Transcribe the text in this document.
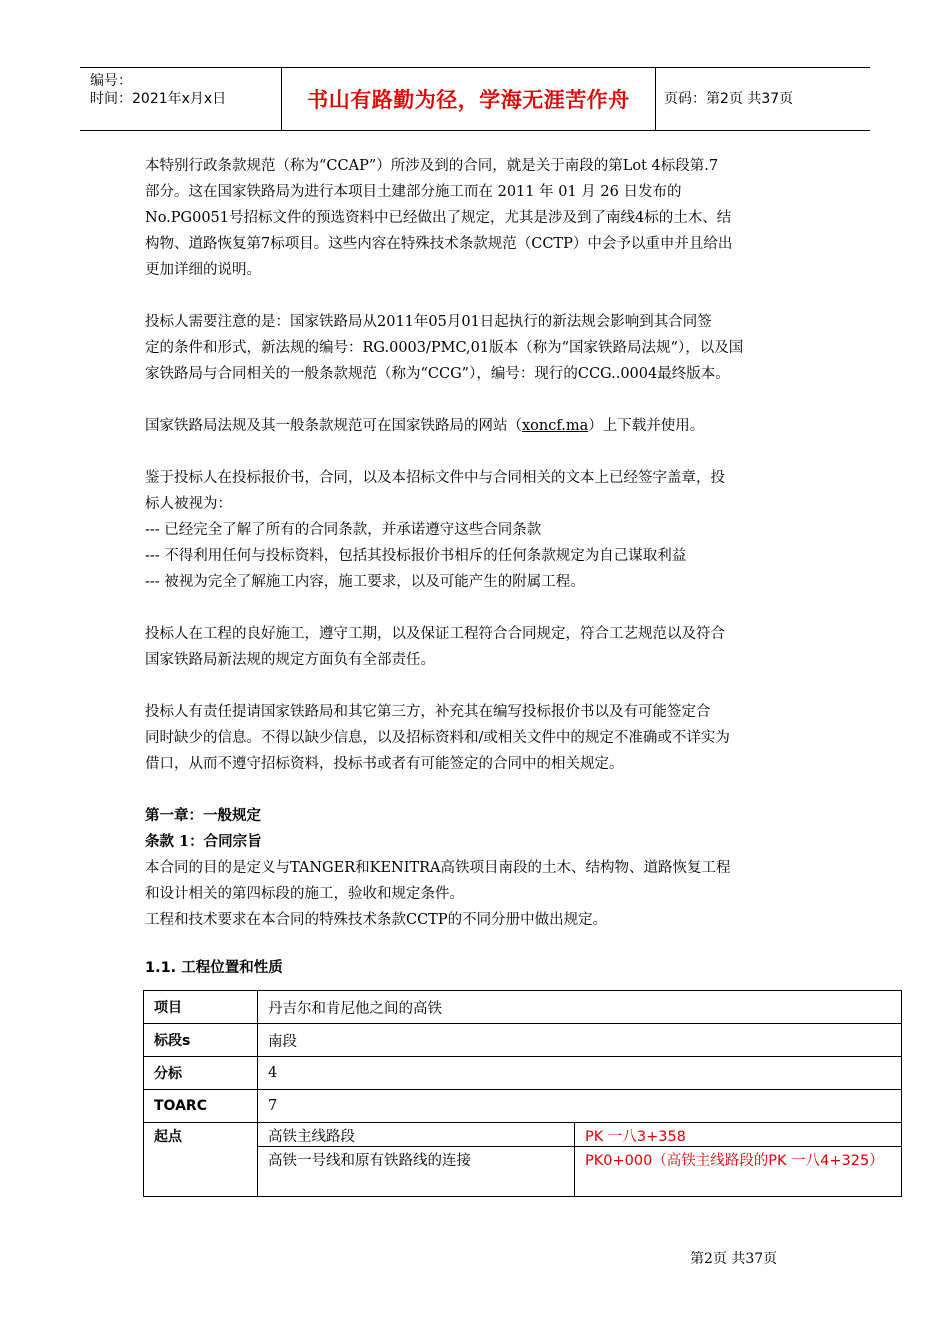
编号：
时间：2021年x月x日	书山有路勤为径，学海无涯苦作舟	页码：第2页 共37页

本特别行政条款规范（称为“CCAP”）所涉及到的合同，就是关于南段的第Lot 4标段第.7
部分。这在国家铁路局为进行本项目土建部分施工而在 2011 年 01 月 26 日发布的
No.PG0051号招标文件的预选资料中已经做出了规定，尤其是涉及到了南线4标的土木、结
构物、道路恢复第7标项目。这些内容在特殊技术条款规范（CCTP）中会予以重申并且给出
更加详细的说明。

投标人需要注意的是：国家铁路局从2011年05月01日起执行的新法规会影响到其合同签
定的条件和形式，新法规的编号：RG.0003/PMC,01版本（称为“国家铁路局法规“），以及国
家铁路局与合同相关的一般条款规范（称为“CCG”），编号：现行的CCG..0004最终版本。

国家铁路局法规及其一般条款规范可在国家铁路局的网站（xoncf.ma）上下载并使用。

鉴于投标人在投标报价书，合同，以及本招标文件中与合同相关的文本上已经签字盖章，投
标人被视为：
--- 已经完全了解了所有的合同条款，并承诺遵守这些合同条款
--- 不得利用任何与投标资料，包括其投标报价书相斥的任何条款规定为自己谋取利益
--- 被视为完全了解施工内容，施工要求，以及可能产生的附属工程。

投标人在工程的良好施工，遵守工期，以及保证工程符合合同规定，符合工艺规范以及符合
国家铁路局新法规的规定方面负有全部责任。

投标人有责任提请国家铁路局和其它第三方，补充其在编写投标报价书以及有可能签定合
同时缺少的信息。不得以缺少信息，以及招标资料和/或相关文件中的规定不准确或不详实为
借口，从而不遵守招标资料，投标书或者有可能签定的合同中的相关规定。

第一章：一般规定
条款 1：合同宗旨
本合同的目的是定义与TANGER和KENITRA高铁项目南段的土木、结构物、道路恢复工程
和设计相关的第四标段的施工，验收和规定条件。
工程和技术要求在本合同的特殊技术条款CCTP的不同分册中做出规定。

1.1. 工程位置和性质
项目	丹吉尔和肯尼他之间的高铁	
标段s	南段	
分标	4	
TOARC	7	
起点	高铁主线路段	PK 一八3+358
	高铁一号线和原有铁路线的连接	PK0+000（高铁主线路段的PK 一八4+325）
第2页 共37页
